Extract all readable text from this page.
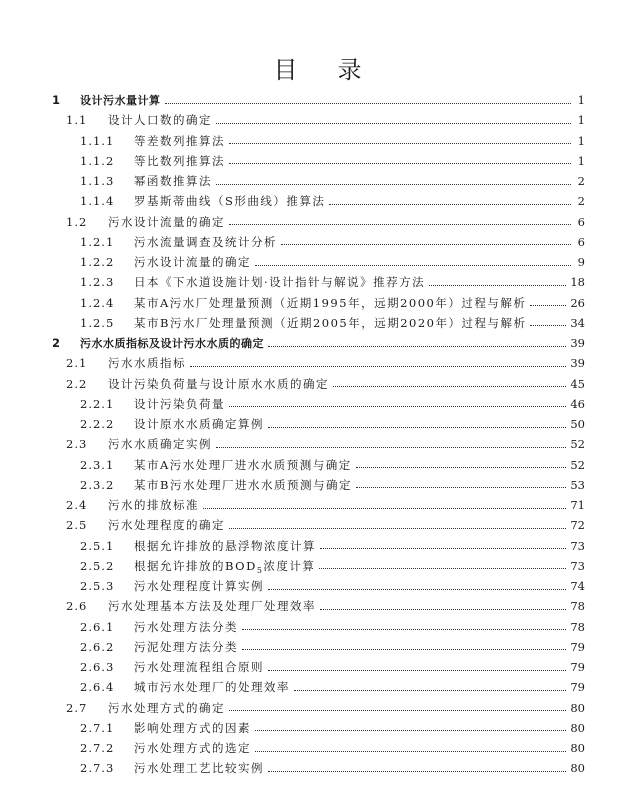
目 录
1	设计污水量计算	1
1.1	设计人口数的确定	1
1.1.1	等差数列推算法	1
1.1.2	等比数列推算法	1
1.1.3	幂函数推算法	2
1.1.4	罗基斯蒂曲线（S形曲线）推算法	2
1.2	污水设计流量的确定	6
1.2.1	污水流量调查及统计分析	6
1.2.2	污水设计流量的确定	9
1.2.3	日本《下水道设施计划·设计指针与解说》推荐方法	18
1.2.4	某市A污水厂处理量预测（近期1995年，远期2000年）过程与解析	26
1.2.5	某市B污水厂处理量预测（近期2005年，远期2020年）过程与解析	34
2	污水水质指标及设计污水水质的确定	39
2.1	污水水质指标	39
2.2	设计污染负荷量与设计原水水质的确定	45
2.2.1	设计污染负荷量	46
2.2.2	设计原水水质确定算例	50
2.3	污水水质确定实例	52
2.3.1	某市A污水处理厂进水水质预测与确定	52
2.3.2	某市B污水处理厂进水水质预测与确定	53
2.4	污水的排放标准	71
2.5	污水处理程度的确定	72
2.5.1	根据允许排放的悬浮物浓度计算	73
2.5.2	根据允许排放的$BOD_5$浓度计算	73
2.5.3	污水处理程度计算实例	74
2.6	污水处理基本方法及处理厂处理效率	78
2.6.1	污水处理方法分类	78
2.6.2	污泥处理方法分类	79
2.6.3	污水处理流程组合原则	79
2.6.4	城市污水处理厂的处理效率	79
2.7	污水处理方式的确定	80
2.7.1	影响处理方式的因素	80
2.7.2	污水处理方式的选定	80
2.7.3	污水处理工艺比较实例	80
